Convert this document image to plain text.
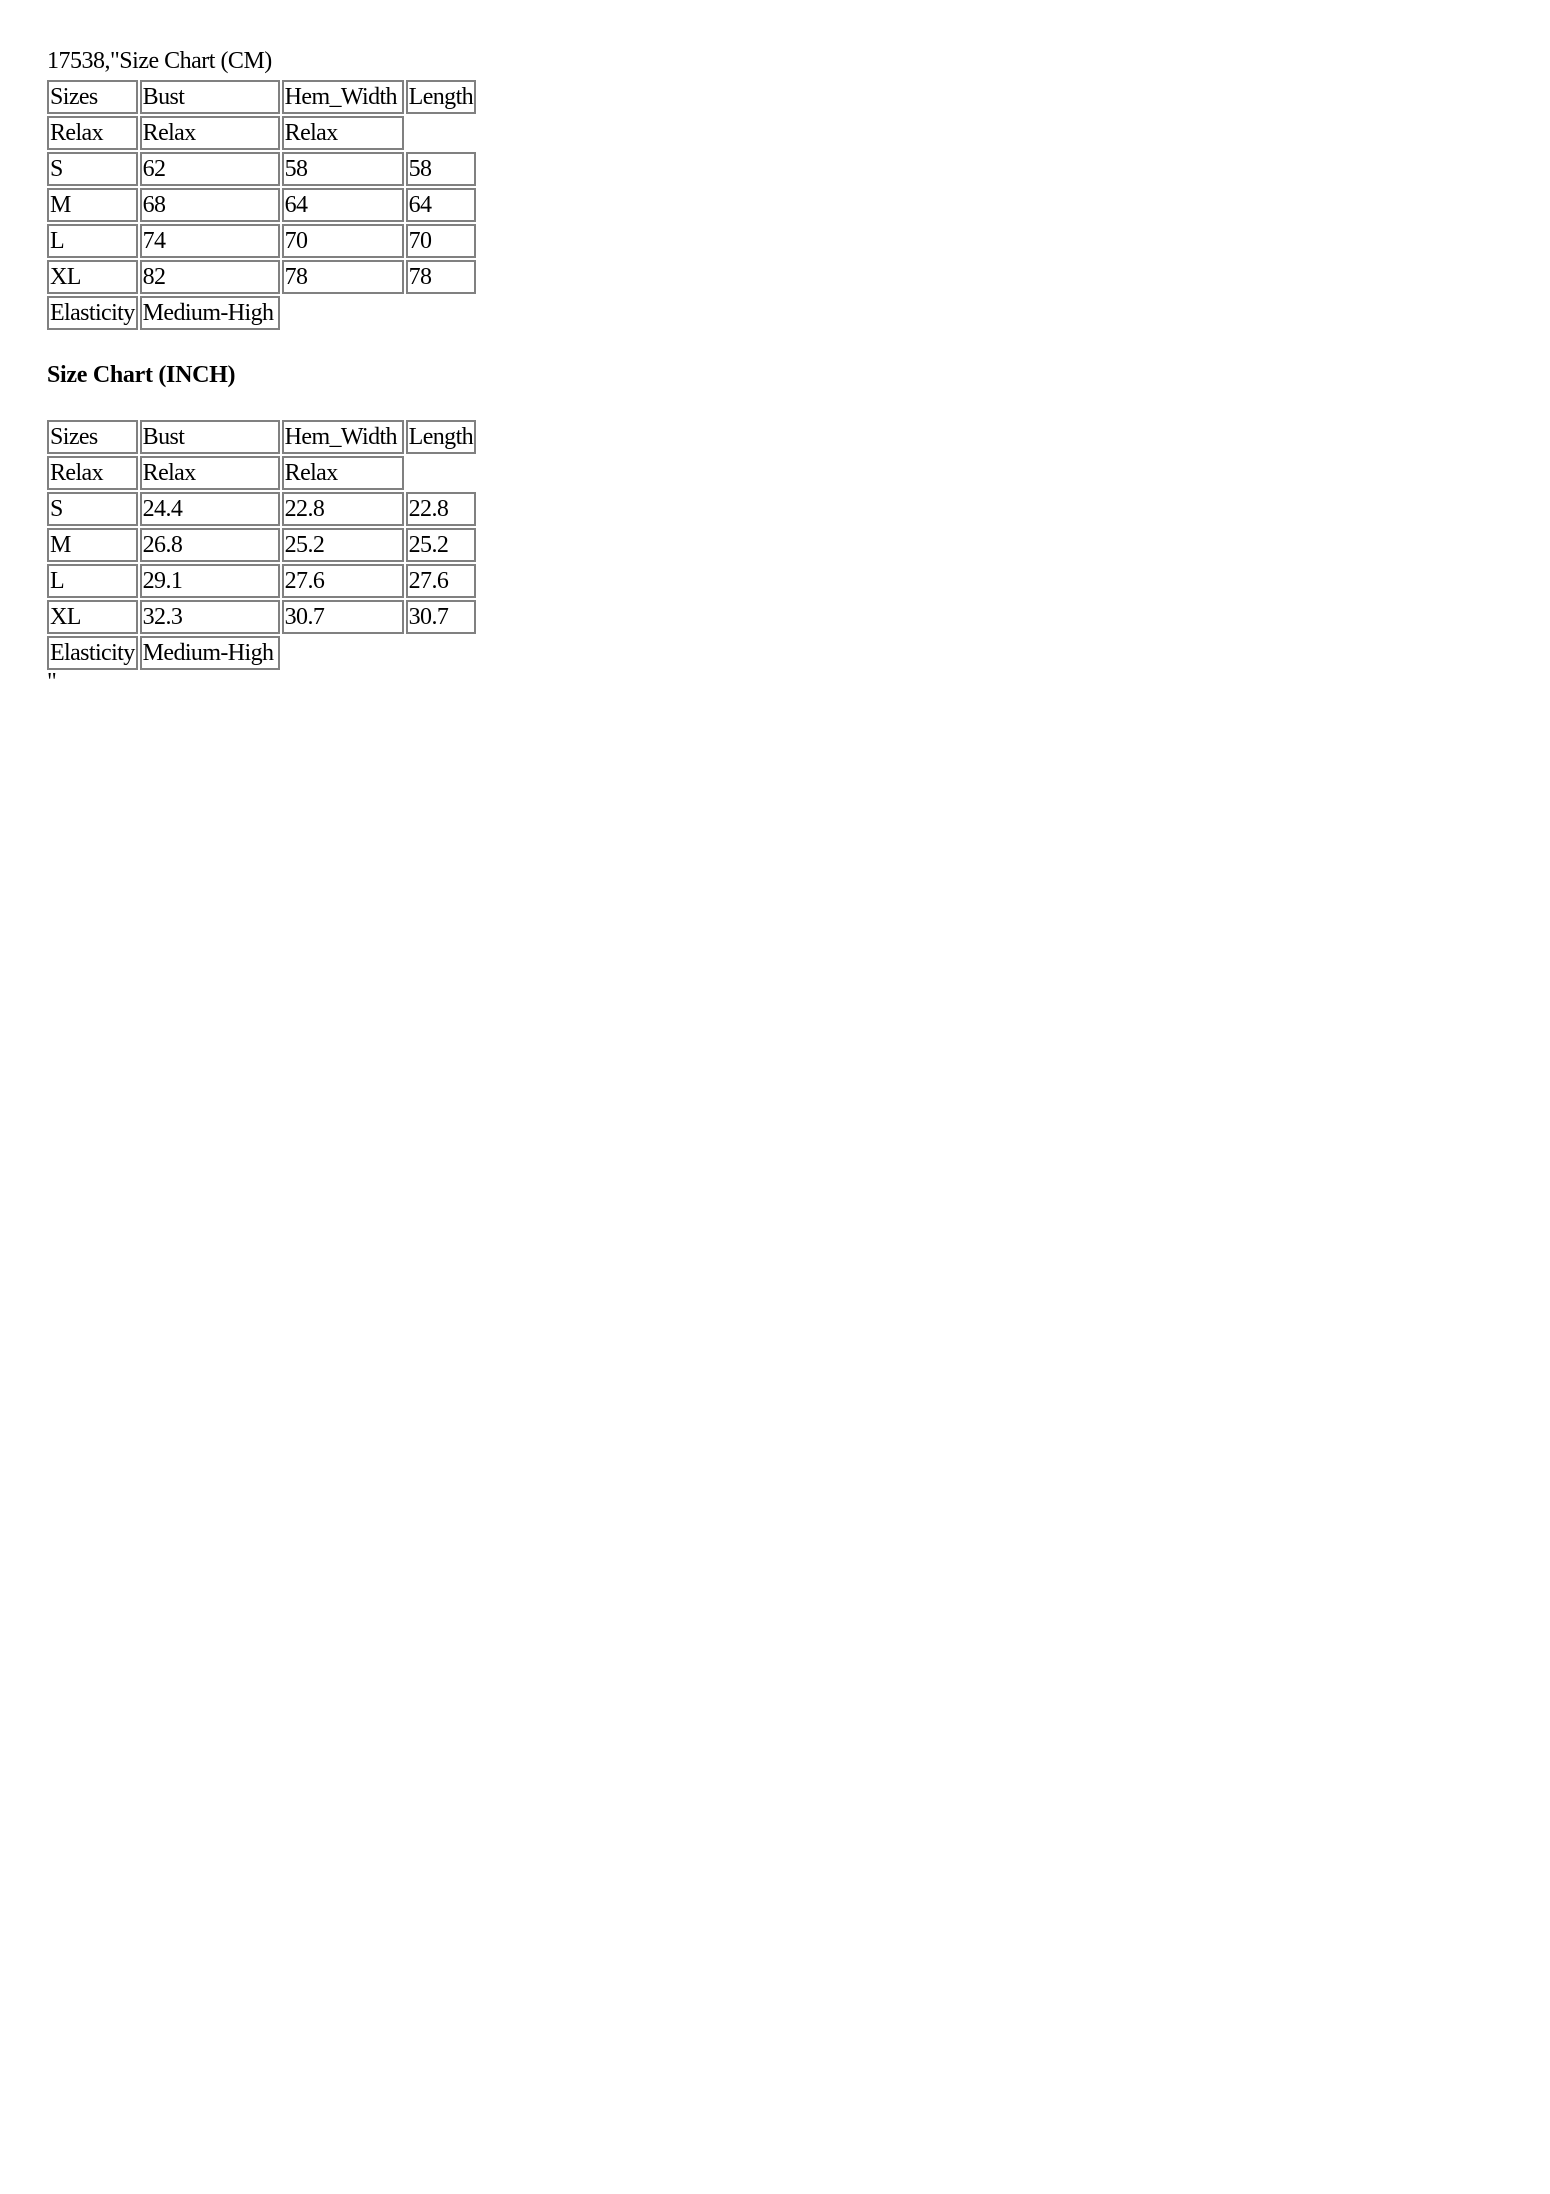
17538,"Size Chart (CM)
Sizes	Bust	Hem_Width	Length
Relax	Relax	Relax	
S	62	58	58
M	68	64	64
L	74	70	70
XL	82	78	78
Elasticity	Medium-High		
Size Chart (INCH)
Sizes	Bust	Hem_Width	Length
Relax	Relax	Relax	
S	24.4	22.8	22.8
M	26.8	25.2	25.2
L	29.1	27.6	27.6
XL	32.3	30.7	30.7
Elasticity	Medium-High		
"
